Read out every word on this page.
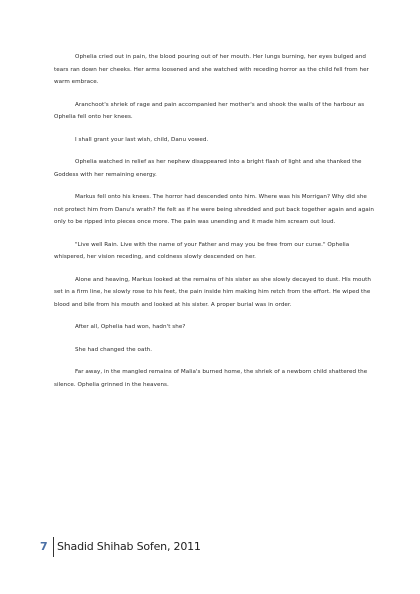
Ophelia cried out in pain, the blood pouring out of her mouth. Her lungs burning, her eyes bulged and tears ran down her cheeks. Her arms loosened and she watched with receding horror as the child fell from her warm embrace.

Aranchoot's shriek of rage and pain accompanied her mother's and shook the walls of the harbour as Ophelia fell onto her knees.

I shall grant your last wish, child, Danu vowed.

Ophelia watched in relief as her nephew disappeared into a bright flash of light and she thanked the Goddess with her remaining energy.

Markus fell onto his knees. The horror had descended onto him. Where was his Morrigan? Why did she not protect him from Danu's wrath? He felt as if he were being shredded and put back together again and again only to be ripped into pieces once more. The pain was unending and it made him scream out loud.

"Live well Rain. Live with the name of your Father and may you be free from our curse." Ophelia whispered, her vision receding, and coldness slowly descended on her.

Alone and heaving, Markus looked at the remains of his sister as she slowly decayed to dust. His mouth set in a firm line, he slowly rose to his feet, the pain inside him making him retch from the effort. He wiped the blood and bile from his mouth and looked at his sister. A proper burial was in order.

After all, Ophelia had won, hadn't she?

She had changed the oath.

Far away, in the mangled remains of Malia's burned home, the shriek of a newborn child shattered the silence. Ophelia grinned in the heavens.

7 Shadid Shihab Sofen, 2011
